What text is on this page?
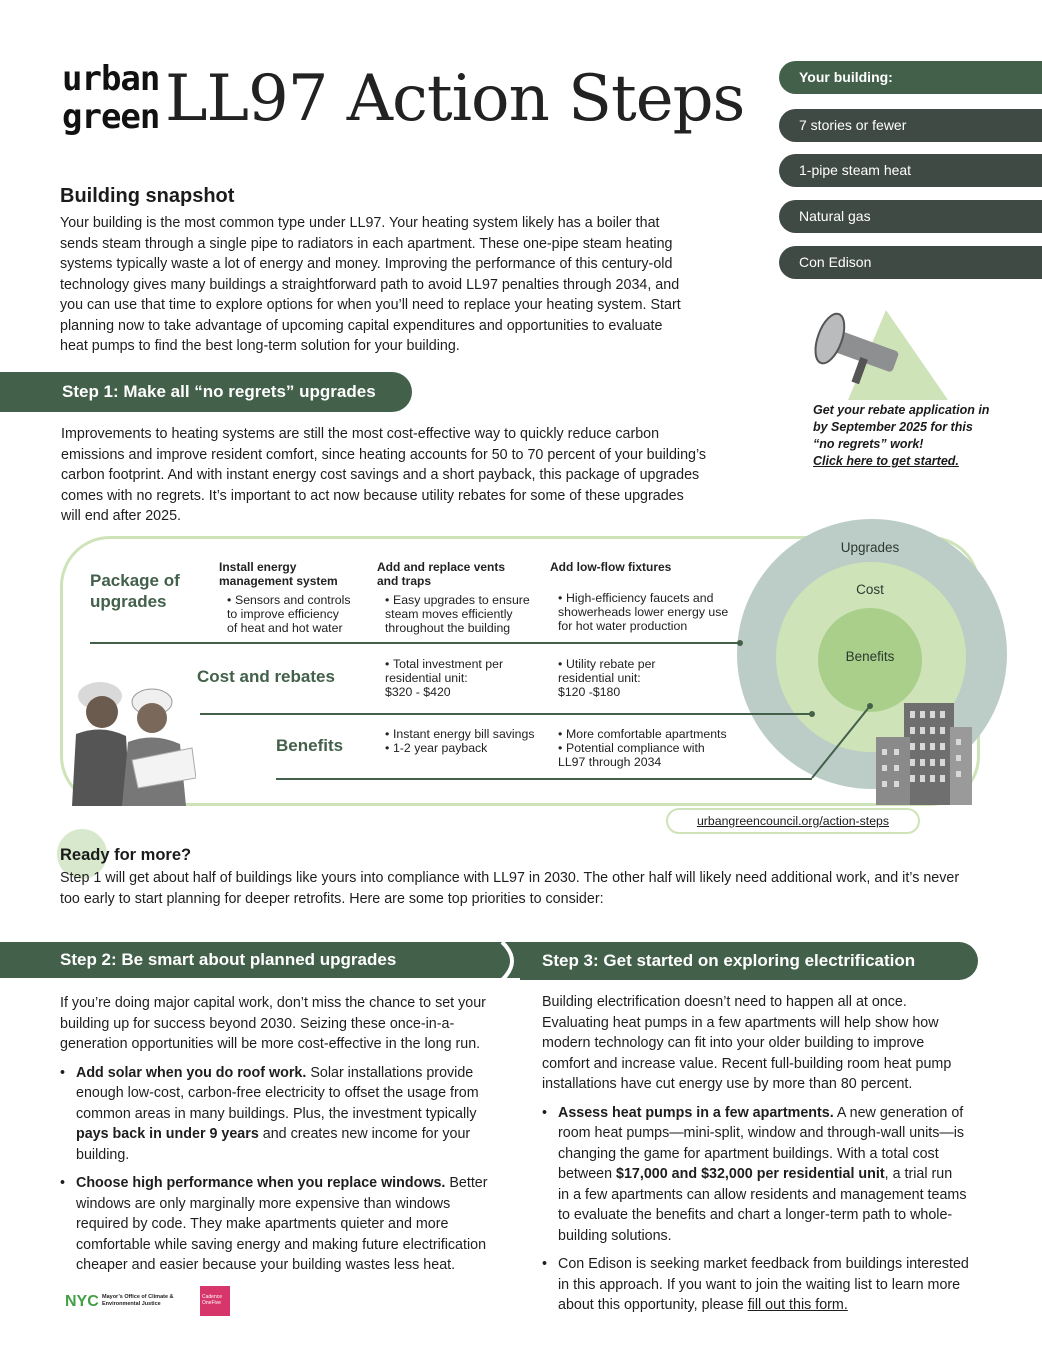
urban
green LL97 Action Steps	Your building:
7 stories or fewer
1-pipe steam heat
Natural gas
Con Edison
Building snapshot
Your building is the most common type under LL97. Your heating system likely has a boiler that
sends steam through a single pipe to radiators in each apartment. These one-pipe steam heating
systems typically waste a lot of energy and money. Improving the performance of this century-old
technology gives many buildings a straightforward path to avoid LL97 penalties through 2034, and
you can use that time to explore options for when you’ll need to replace your heating system. Start
planning now to take advantage of upcoming capital expenditures and opportunities to evaluate
heat pumps to find the best long-term solution for your building.
Get your rebate application in
by September 2025 for this
“no regrets” work!
Click here to get started.
Step 1: Make all “no regrets” upgrades
Improvements to heating systems are still the most cost-effective way to quickly reduce carbon
emissions and improve resident comfort, since heating accounts for 50 to 70 percent of your building’s
carbon footprint. And with instant energy cost savings and a short payback, this package of upgrades
comes with no regrets. It’s important to act now because utility rebates for some of these upgrades
will end after 2025.
Upgrades
Cost
Benefits
Package of
upgrades
Install energy
management system
• Sensors and controls
to improve efficiency
of heat and hot water
Add and replace vents
and traps
• Easy upgrades to ensure
steam moves efficiently
throughout the building
Add low-flow fixtures
• High-efficiency faucets and
showerheads lower energy use
for hot water production
Cost and rebates
• Total investment per
residential unit:
$320 - $420
• Utility rebate per
residential unit:
$120 -$180
Benefits
• Instant energy bill savings
• 1-2 year payback
• More comfortable apartments
• Potential compliance with
LL97 through 2034
urbangreencouncil.org/action-steps
Ready for more?
Step 1 will get about half of buildings like yours into compliance with LL97 in 2030. The other half will likely need additional work, and it’s never
too early to start planning for deeper retrofits. Here are some top priorities to consider:
Step 2: Be smart about planned upgrades	Step 3: Get started on exploring electrification
If you’re doing major capital work, don’t miss the chance to set your
building up for success beyond 2030. Seizing these once-in-a-
generation opportunities will be more cost-effective in the long run.
• Add solar when you do roof work. Solar installations provide
enough low-cost, carbon-free electricity to offset the usage from
common areas in many buildings. Plus, the investment typically
pays back in under 9 years and creates new income for your
building.
• Choose high performance when you replace windows. Better
windows are only marginally more expensive than windows
required by code. They make apartments quieter and more
comfortable while saving energy and making future electrification
cheaper and easier because your building wastes less heat.
Building electrification doesn’t need to happen all at once.
Evaluating heat pumps in a few apartments will help show how
modern technology can fit into your older building to improve
comfort and increase value. Recent full-building room heat pump
installations have cut energy use by more than 80 percent.
• Assess heat pumps in a few apartments. A new generation of
room heat pumps—mini-split, window and through-wall units—is
changing the game for apartment buildings. With a total cost
between $17,000 and $32,000 per residential unit, a trial run
in a few apartments can allow residents and management teams
to evaluate the benefits and chart a longer-term path to whole-
building solutions.
• Con Edison is seeking market feedback from buildings interested
in this approach. If you want to join the waiting list to learn more
about this opportunity, please fill out this form.
NYC Mayor’s Office of Climate &
Environmental Justice
Cadence
OneFive
